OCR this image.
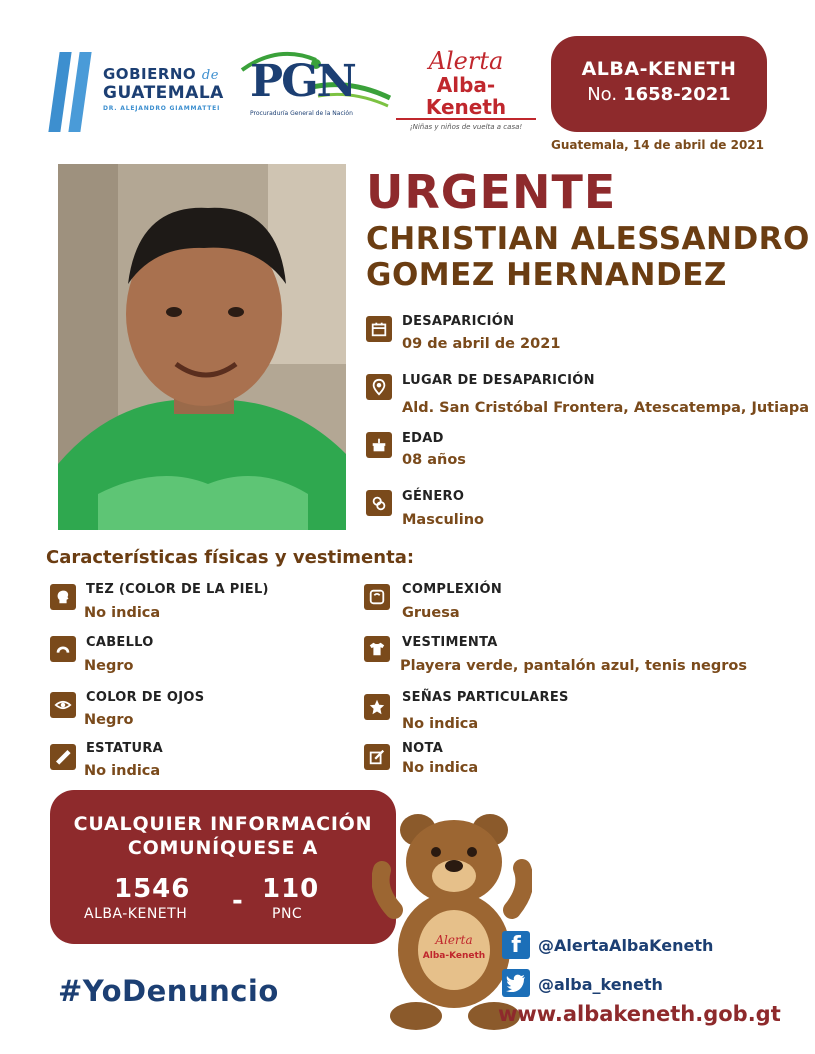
GOBIERNO de
GUATEMALA
DR. ALEJANDRO GIAMMATTEI
PGN
Procuraduría General de la Nación
Alerta
Alba-Keneth
¡Niñas y niños de vuelta a casa!
ALBA-KENETH
No. 1658-2021
Guatemala, 14 de abril de 2021
URGENTE
CHRISTIAN ALESSANDRO
GOMEZ HERNANDEZ
DESAPARICIÓN
09 de abril de 2021
LUGAR DE DESAPARICIÓN
Ald. San Cristóbal Frontera, Atescatempa, Jutiapa
EDAD
08 años
GÉNERO
Masculino
Características físicas y vestimenta:
TEZ (COLOR DE LA PIEL)
No indica
COMPLEXIÓN
Gruesa
CABELLO
Negro
VESTIMENTA
Playera verde, pantalón azul, tenis negros
COLOR DE OJOS
Negro
SEÑAS PARTICULARES
No indica
ESTATURA
No indica
NOTA
No indica
CUALQUIER INFORMACIÓN
COMUNÍQUESE A
1546
ALBA-KENETH - 110
PNC
Alerta
Alba-Keneth
#YoDenuncio
f	@AlertaAlbaKeneth
@alba_keneth
www.albakeneth.gob.gt
